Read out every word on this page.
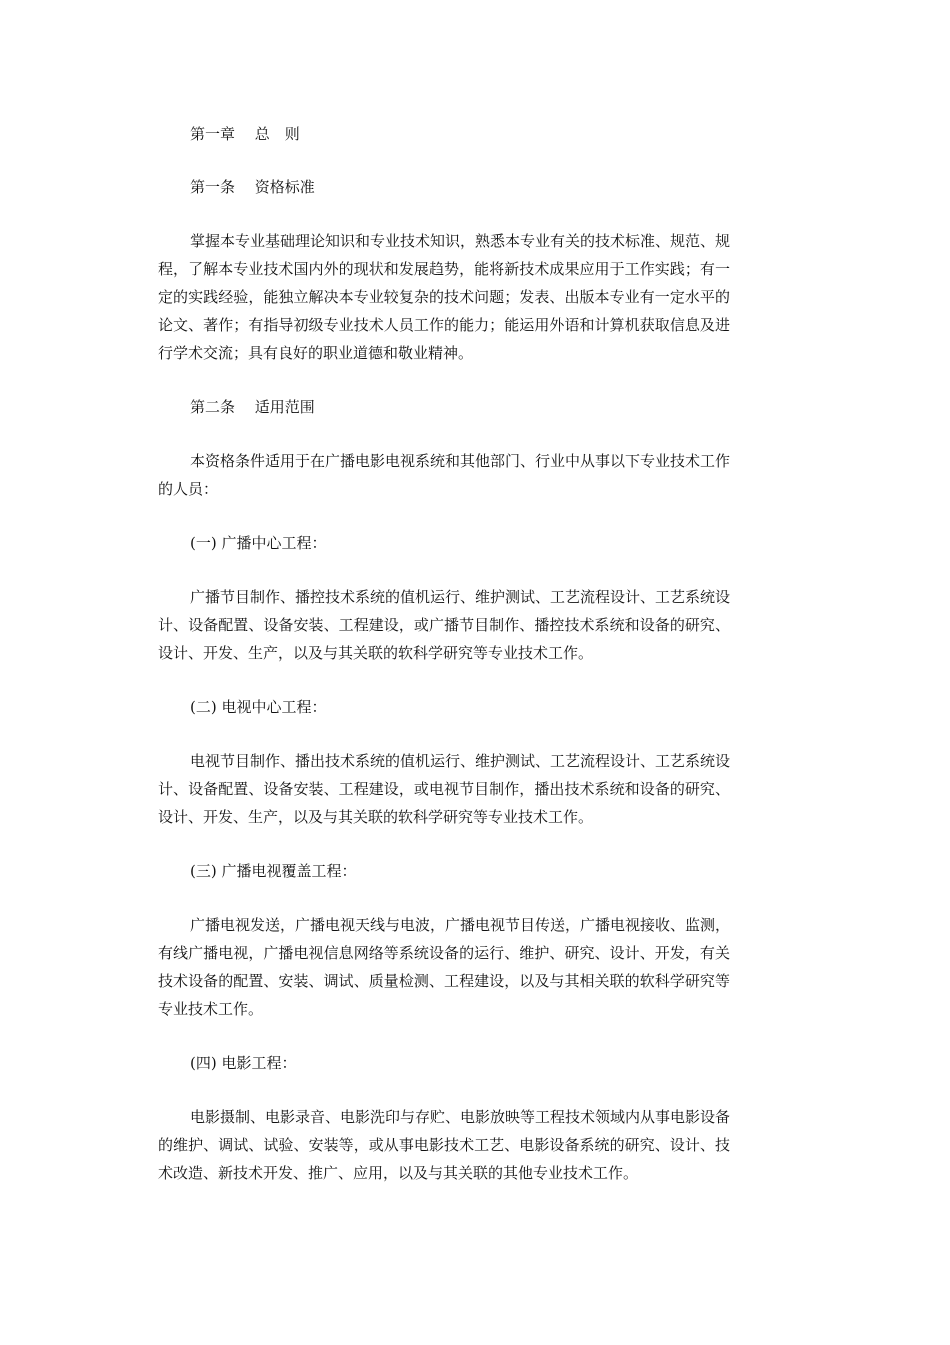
第一章　 总　则

第一条　 资格标准

掌握本专业基础理论知识和专业技术知识，熟悉本专业有关的技术标准、规范、规程，了解本专业技术国内外的现状和发展趋势，能将新技术成果应用于工作实践；有一定的实践经验，能独立解决本专业较复杂的技术问题；发表、出版本专业有一定水平的论文、著作；有指导初级专业技术人员工作的能力；能运用外语和计算机获取信息及进行学术交流；具有良好的职业道德和敬业精神。

第二条　 适用范围

本资格条件适用于在广播电影电视系统和其他部门、行业中从事以下专业技术工作的人员：

(一) 广播中心工程：

广播节目制作、播控技术系统的值机运行、维护测试、工艺流程设计、工艺系统设计、设备配置、设备安装、工程建设，或广播节目制作、播控技术系统和设备的研究、设计、开发、生产，以及与其关联的软科学研究等专业技术工作。

(二) 电视中心工程：

电视节目制作、播出技术系统的值机运行、维护测试、工艺流程设计、工艺系统设计、设备配置、设备安装、工程建设，或电视节目制作，播出技术系统和设备的研究、设计、开发、生产，以及与其关联的软科学研究等专业技术工作。

(三) 广播电视覆盖工程：

广播电视发送，广播电视天线与电波，广播电视节目传送，广播电视接收、监测，有线广播电视，广播电视信息网络等系统设备的运行、维护、研究、设计、开发，有关技术设备的配置、安装、调试、质量检测、工程建设，以及与其相关联的软科学研究等专业技术工作。

(四) 电影工程：

电影摄制、电影录音、电影洗印与存贮、电影放映等工程技术领域内从事电影设备的维护、调试、试验、安装等，或从事电影技术工艺、电影设备系统的研究、设计、技术改造、新技术开发、推广、应用，以及与其关联的其他专业技术工作。
